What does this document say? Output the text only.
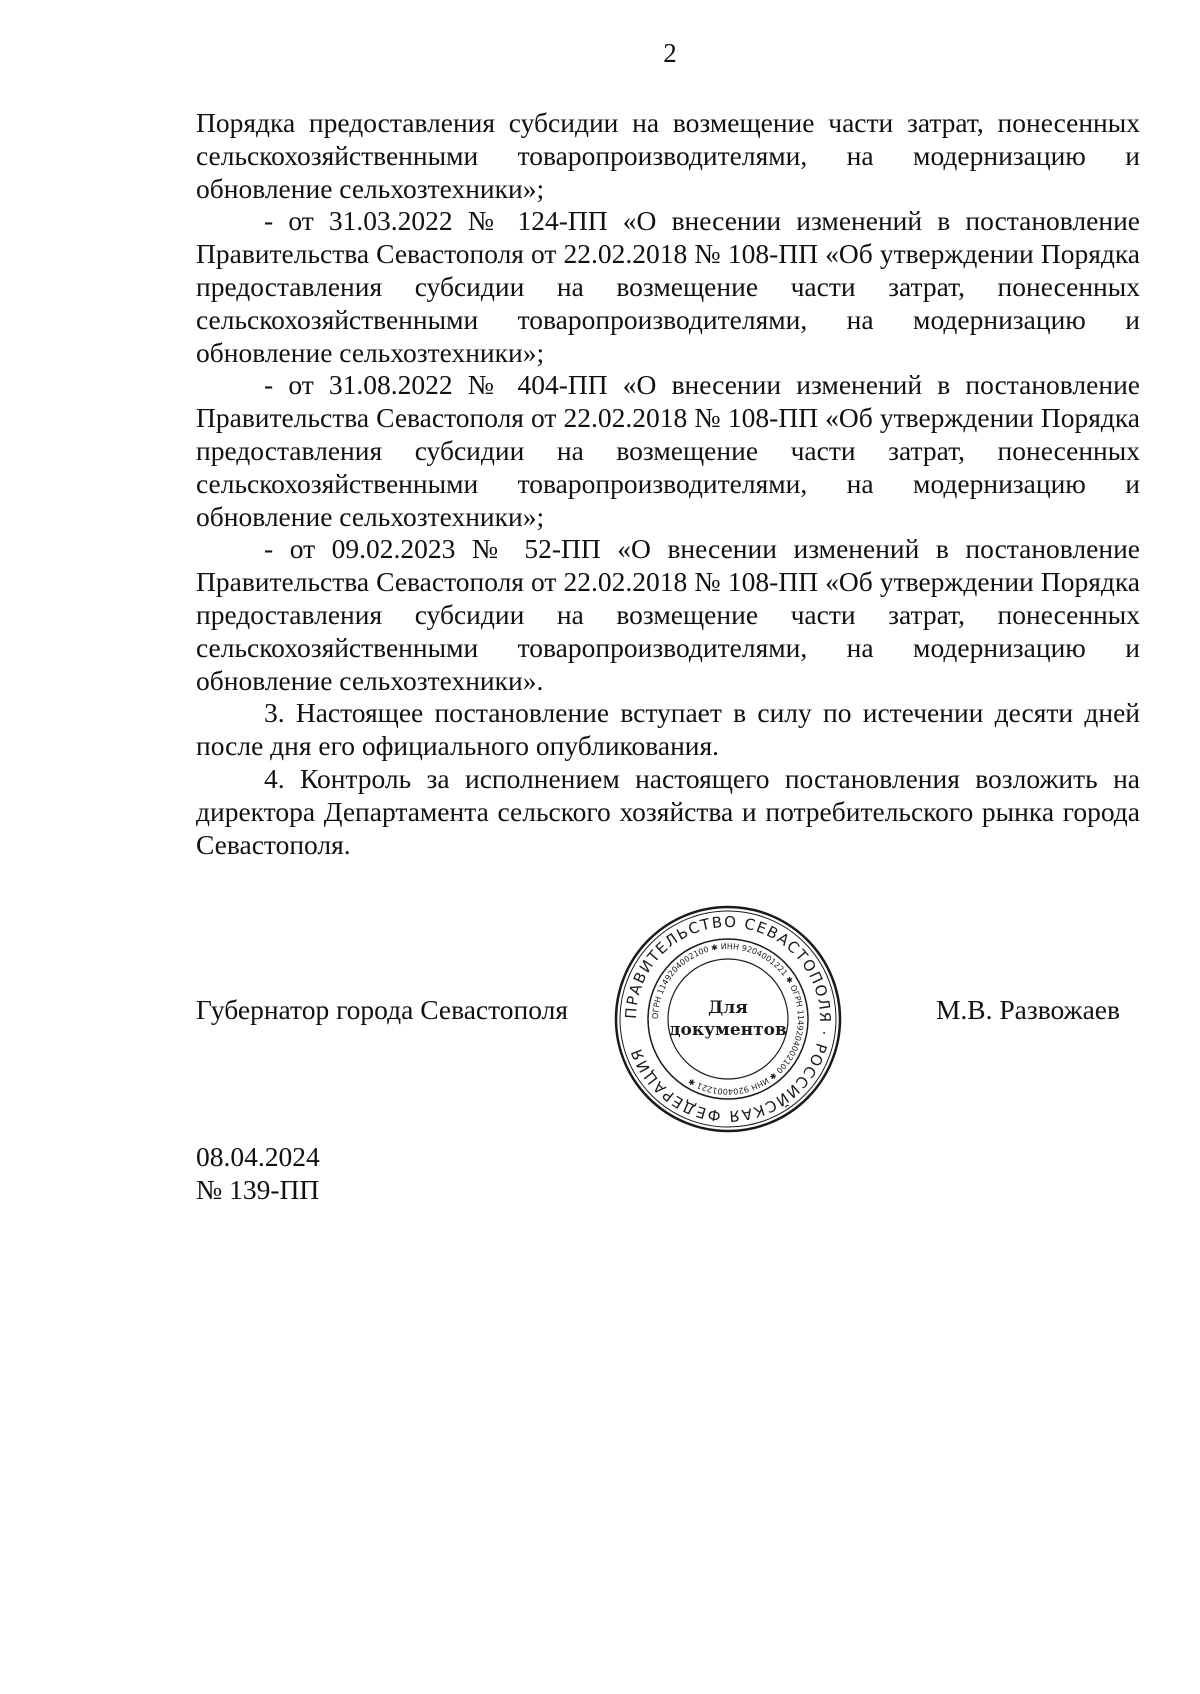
2

Порядка предоставления субсидии на возмещение части затрат, понесенных сельскохозяйственными товаропроизводителями, на модернизацию и обновление сельхозтехники»;

- от 31.03.2022 № 124-ПП «О внесении изменений в постановление Правительства Севастополя от 22.02.2018 № 108-ПП «Об утверждении Порядка предоставления субсидии на возмещение части затрат, понесенных сельскохозяйственными товаропроизводителями, на модернизацию и обновление сельхозтехники»;

- от 31.08.2022 № 404-ПП «О внесении изменений в постановление Правительства Севастополя от 22.02.2018 № 108-ПП «Об утверждении Порядка предоставления субсидии на возмещение части затрат, понесенных сельскохозяйственными товаропроизводителями, на модернизацию и обновление сельхозтехники»;

- от 09.02.2023 № 52-ПП «О внесении изменений в постановление Правительства Севастополя от 22.02.2018 № 108-ПП «Об утверждении Порядка предоставления субсидии на возмещение части затрат, понесенных сельскохозяйственными товаропроизводителями, на модернизацию и обновление сельхозтехники».

3. Настоящее постановление вступает в силу по истечении десяти дней после дня его официального опубликования.

4. Контроль за исполнением настоящего постановления возложить на директора Департамента сельского хозяйства и потребительского рынка города Севастополя.

Губернатор города Севастополя	М.В. Развожаев
ПРАВИТЕЛЬСТВО СЕВАСТОПОЛЯ · РОССИЙСКАЯ ФЕДЕРАЦИЯ
ОГРН 1149204002100 ✱ ИНН 9204001221 ✱ ОГРН 1149204002100 ✱ ИНН 9204001221 ✱
Для
документов
08.04.2024
№ 139-ПП
